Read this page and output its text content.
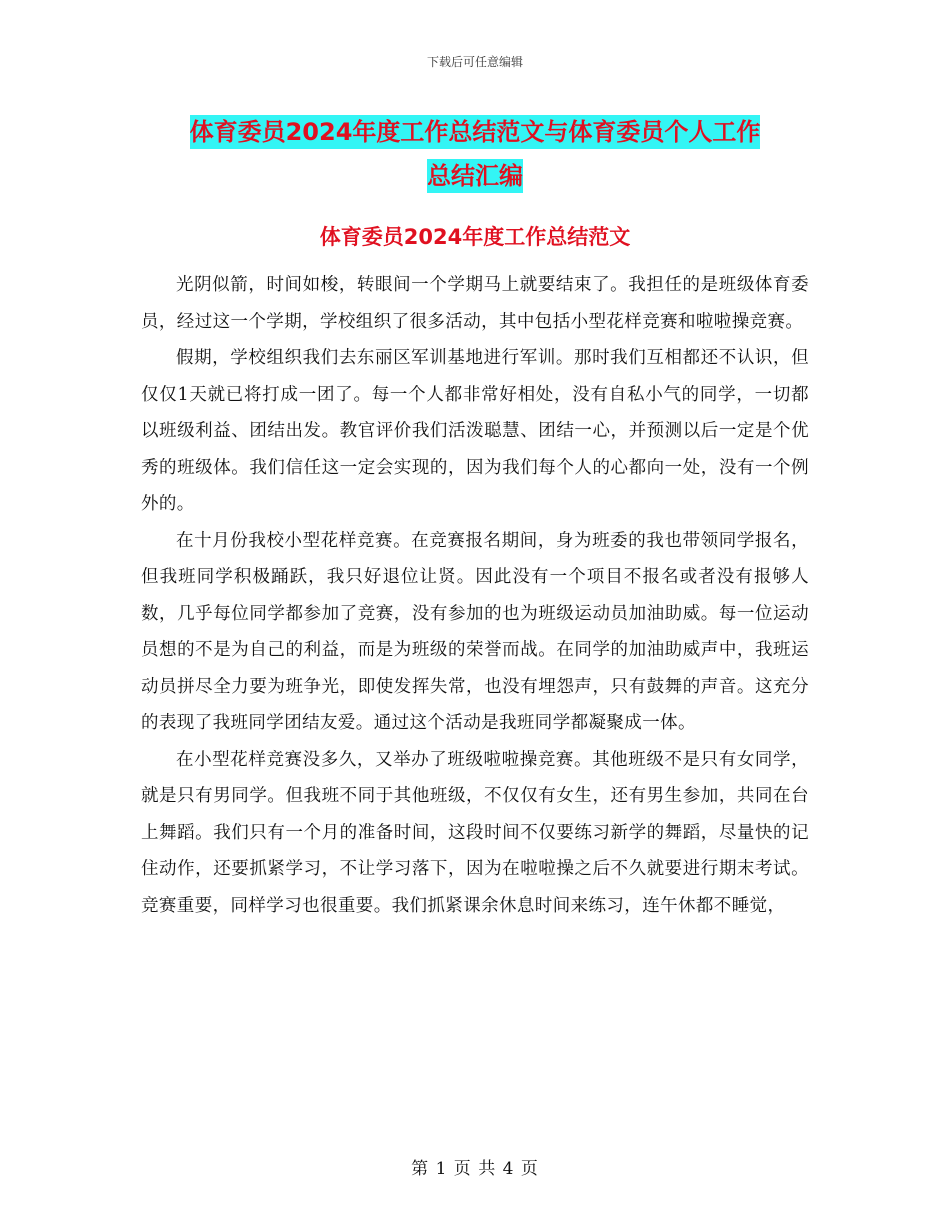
下载后可任意编辑
体育委员2024年度工作总结范文与体育委员个人工作
总结汇编
体育委员2024年度工作总结范文

光阴似箭，时间如梭，转眼间一个学期马上就要结束了。我担任的是班级体育委员，经过这一个学期，学校组织了很多活动，其中包括小型花样竞赛和啦啦操竞赛。

假期，学校组织我们去东丽区军训基地进行军训。那时我们互相都还不认识，但仅仅1天就已将打成一团了。每一个人都非常好相处，没有自私小气的同学，一切都以班级利益、团结出发。教官评价我们活泼聪慧、团结一心，并预测以后一定是个优秀的班级体。我们信任这一定会实现的，因为我们每个人的心都向一处，没有一个例外的。

在十月份我校小型花样竞赛。在竞赛报名期间，身为班委的我也带领同学报名，但我班同学积极踊跃，我只好退位让贤。因此没有一个项目不报名或者没有报够人数，几乎每位同学都参加了竞赛，没有参加的也为班级运动员加油助威。每一位运动员想的不是为自己的利益，而是为班级的荣誉而战。在同学的加油助威声中，我班运动员拼尽全力要为班争光，即使发挥失常，也没有埋怨声，只有鼓舞的声音。这充分的表现了我班同学团结友爱。通过这个活动是我班同学都凝聚成一体。

在小型花样竞赛没多久，又举办了班级啦啦操竞赛。其他班级不是只有女同学，就是只有男同学。但我班不同于其他班级，不仅仅有女生，还有男生参加，共同在台上舞蹈。我们只有一个月的准备时间，这段时间不仅要练习新学的舞蹈，尽量快的记住动作，还要抓紧学习，不让学习落下，因为在啦啦操之后不久就要进行期末考试。竞赛重要，同样学习也很重要。我们抓紧课余休息时间来练习，连午休都不睡觉，

第 1 页 共 4 页
